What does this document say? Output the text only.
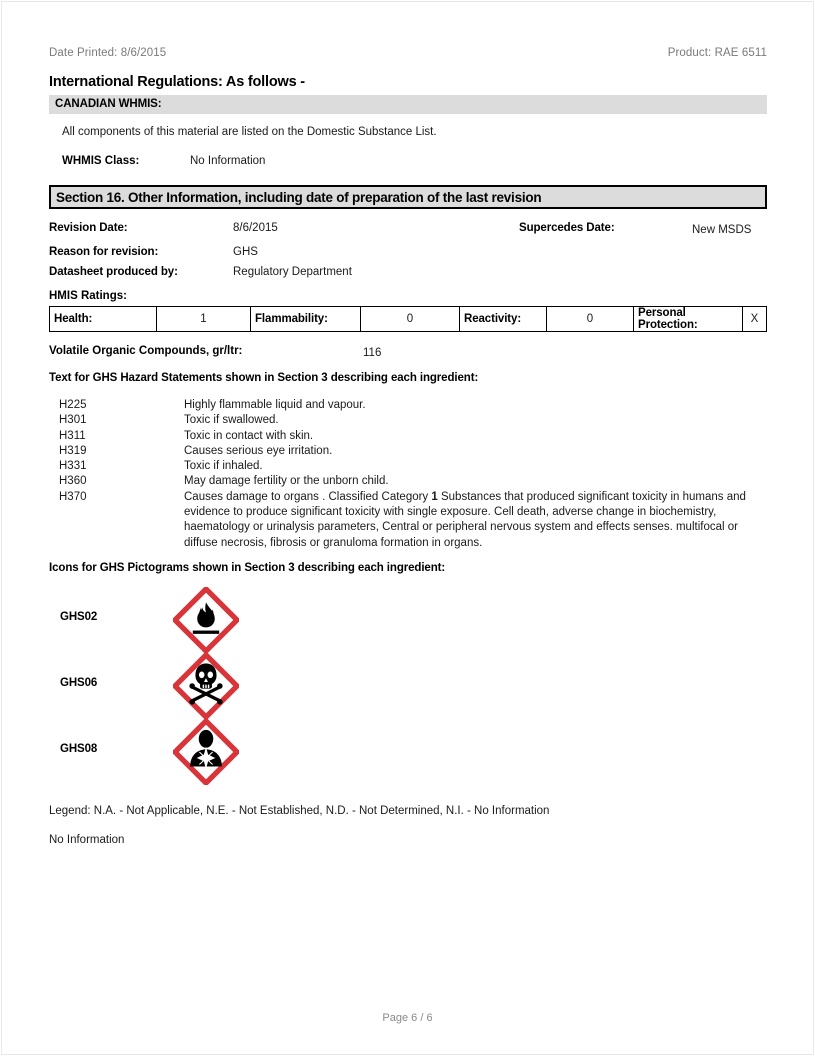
Date Printed: 8/6/2015	Product: RAE 6511
International Regulations: As follows -
CANADIAN WHMIS:
All components of this material are listed on the Domestic Substance List.
WHMIS Class:	No Information
Section 16. Other Information, including date of preparation of the last revision
Revision Date:	8/6/2015	Supercedes Date:	New MSDS
Reason for revision:	GHS
Datasheet produced by:	Regulatory Department
HMIS Ratings:
Health:	1	Flammability:	0	Reactivity:	0	Personal Protection:	X
Volatile Organic Compounds, gr/ltr:	116
Text for GHS Hazard Statements shown in Section 3 describing each ingredient:
H225	Highly flammable liquid and vapour.
H301	Toxic if swallowed.
H311	Toxic in contact with skin.
H319	Causes serious eye irritation.
H331	Toxic if inhaled.
H360	May damage fertility or the unborn child.
H370	Causes damage to organs . Classified Category 1 Substances that produced significant toxicity in humans and evidence to produce significant toxicity with single exposure. Cell death, adverse change in biochemistry, haematology or urinalysis parameters, Central or peripheral nervous system and effects senses. multifocal or diffuse necrosis, fibrosis or granuloma formation in organs.
Icons for GHS Pictograms shown in Section 3 describing each ingredient:
GHS02
GHS06
GHS08
Legend: N.A. - Not Applicable, N.E. - Not Established, N.D. - Not Determined, N.I. - No Information
No Information
Page 6 / 6
